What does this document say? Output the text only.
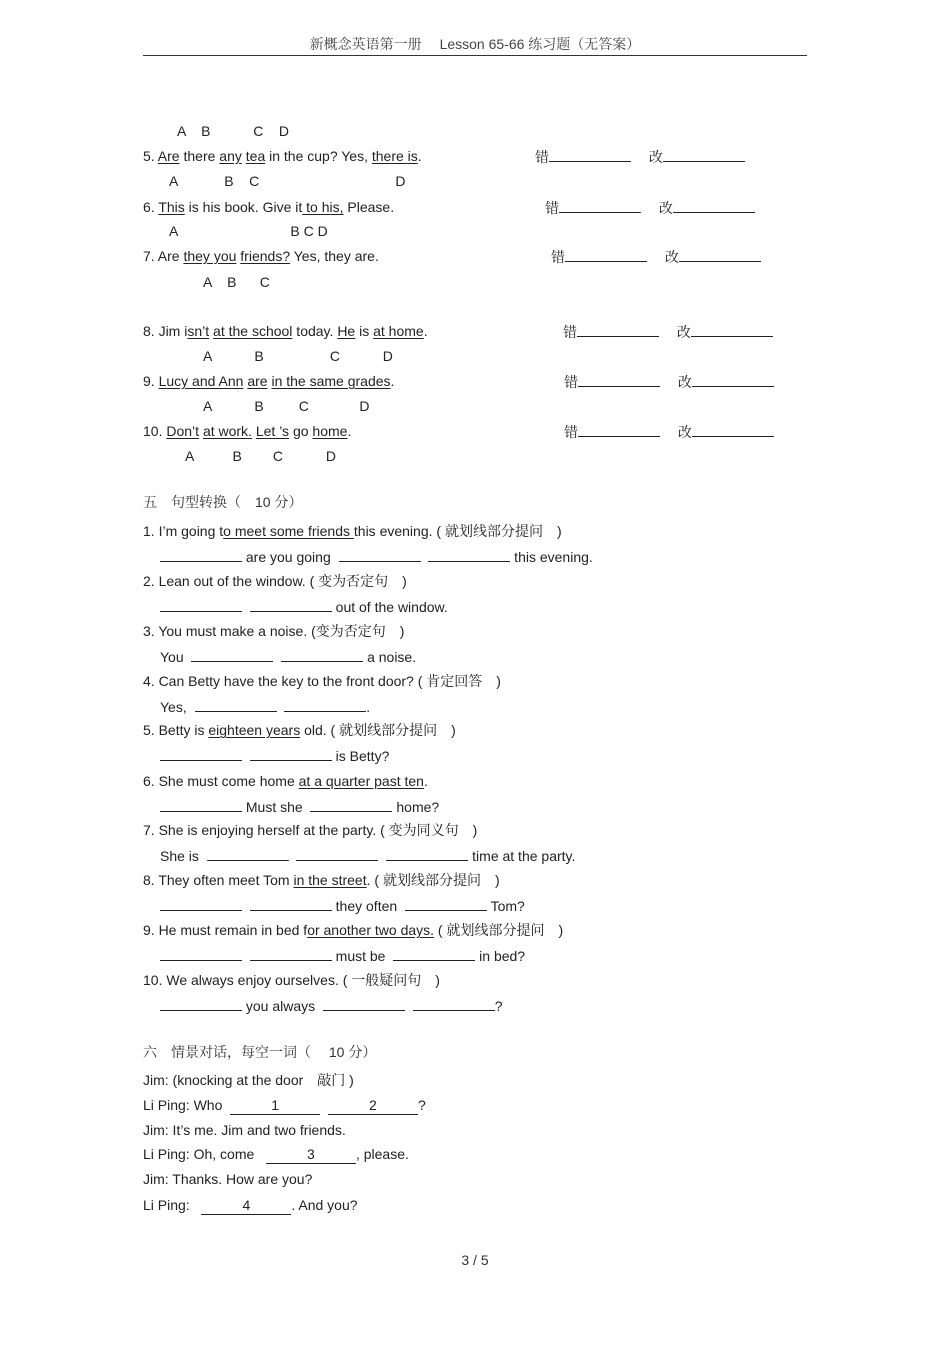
新概念英语第一册　 Lesson 65-66 练习题（无答案）
A    B           C    D
5. Are there any tea in the cup? Yes, there is.	错　	改
A            B    C                                   D
6. This is his book. Give it to his, Please.	错　	改
A                             B C D
7. Are they you friends? Yes, they are.	错　	改
A    B      C
8. Jim isn’t at the school today. He is at home.	错　	改
A           B                 C           D
9. Lucy and Ann are in the same grades.	错　	改
A           B         C             D
10. Don’t at work. Let ’s go home.	错　	改
A          B        C           D
五　句型转换（　10 分）
1. I’m going to meet some friends this evening. ( 就划线部分提问　)
are you going	this evening.
2. Lean out of the window. ( 变为否定句　)
out of the window.
3. You must make a noise. (变为否定句　)
You	a noise.
4. Can Betty have the key to the front door? ( 肯定回答　)
Yes,	.
5. Betty is eighteen years old. ( 就划线部分提问　)
is Betty?
6. She must come home at a quarter past ten.
Must she	home?
7. She is enjoying herself at the party. ( 变为同义句　)
She is	time at the party.
8. They often meet Tom in the street. ( 就划线部分提问　)
they often	Tom?
9. He must remain in bed for another two days. ( 就划线部分提问　)
must be	in bed?
10. We always enjoy ourselves. ( 一般疑问句　)
you always	?
六　情景对话，每空一词（　 10 分）
Jim: (knocking at the door　敲门 )
Li Ping: Who	1	2	?
Jim: It’s me. Jim and two friends.
Li Ping: Oh, come	3	, please.
Jim: Thanks. How are you?
Li Ping:	4	. And you?
3 / 5
